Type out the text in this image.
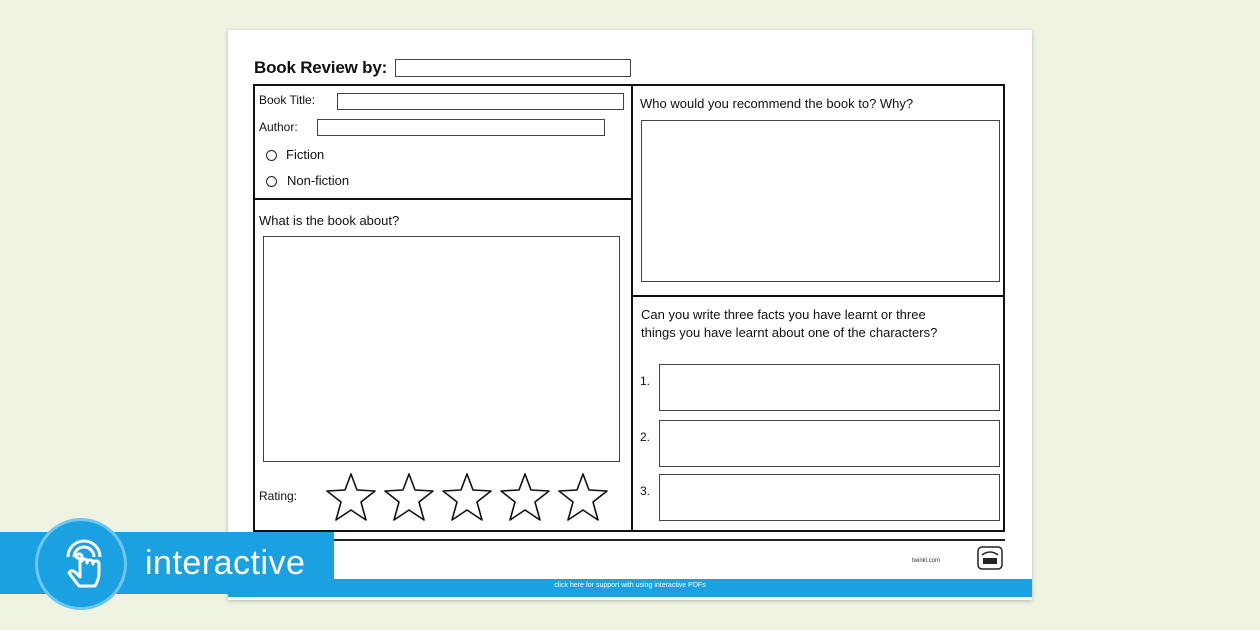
Book Review by:
Book Title:
Author:
Fiction
Non-fiction
What is the book about?
Rating:
Who would you recommend the book to? Why?
Can you write three facts you have learnt or three
things you have learnt about one of the characters?
1.
2.
3.
twinkl.com
click here for support with using interactive PDFs
interactive
